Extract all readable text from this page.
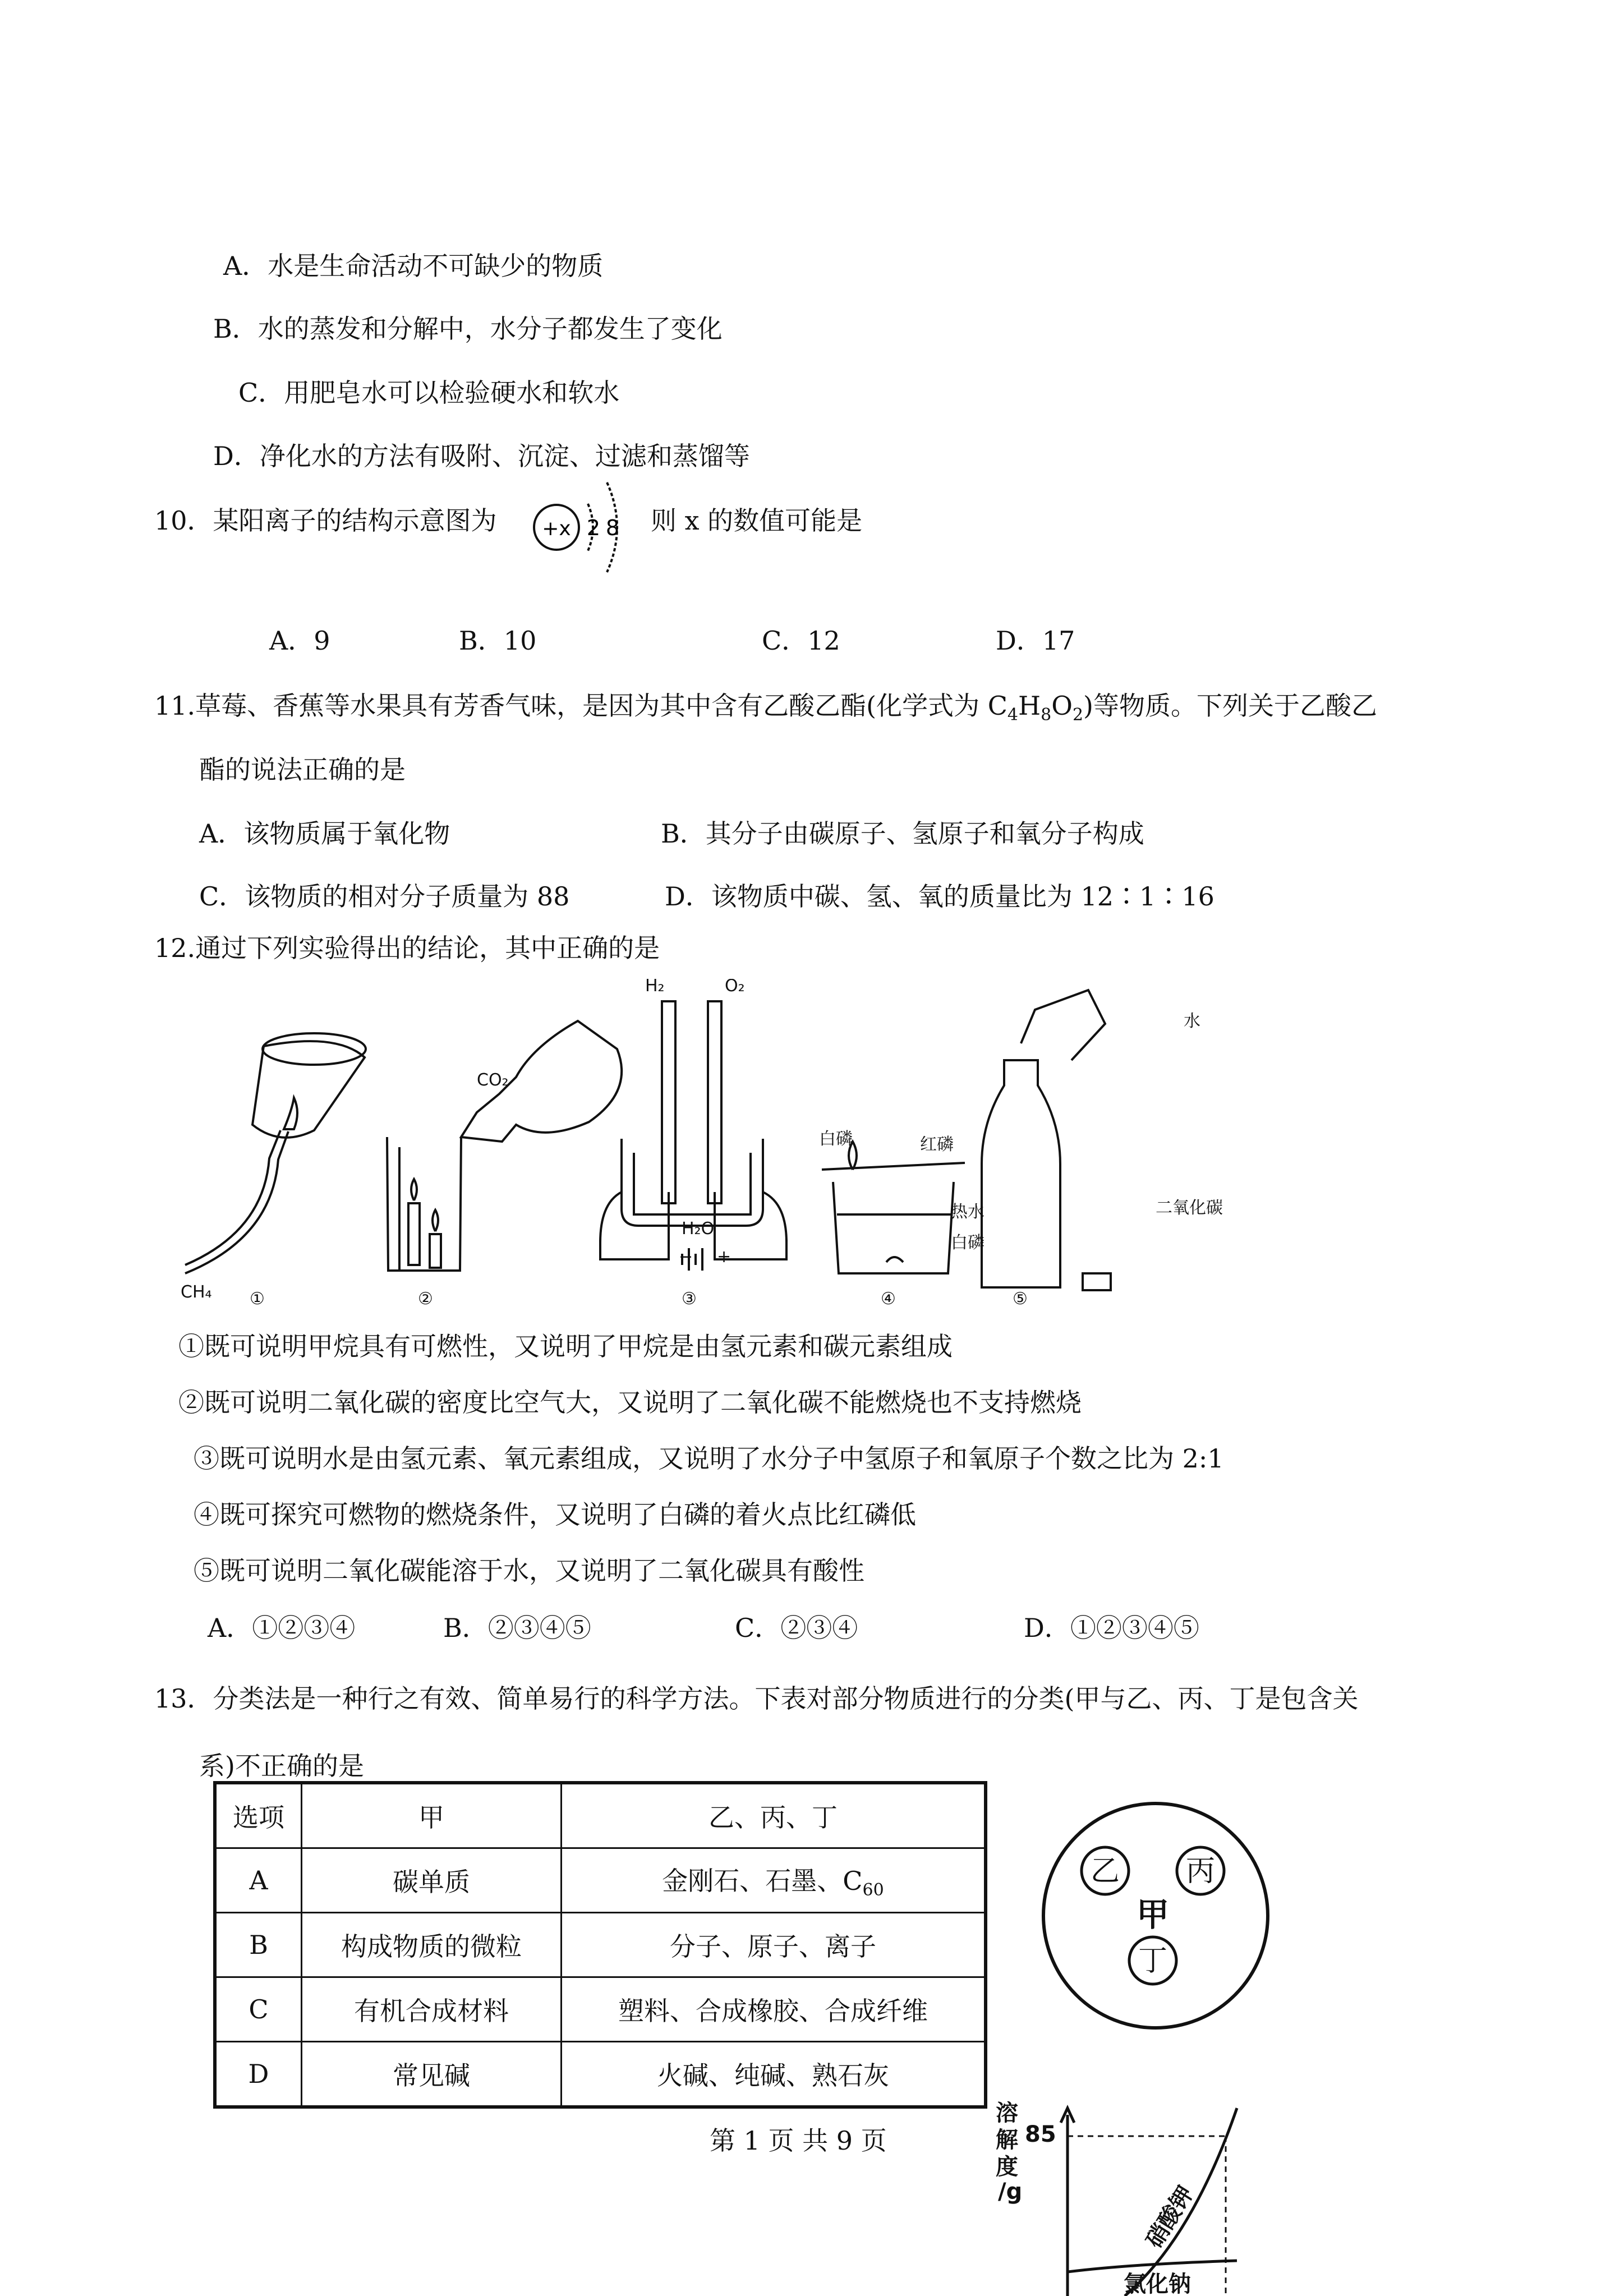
A．水是生命活动不可缺少的物质
B．水的蒸发和分解中，水分子都发生了变化
C．用肥皂水可以检验硬水和软水
D．净化水的方法有吸附、沉淀、过滤和蒸馏等
10．某阳离子的结构示意图为 +x 2 8 则 x 的数值可能是
A．9	B．10	C．12	D．17
11.草莓、香蕉等水果具有芳香气味，是因为其中含有乙酸乙酯(化学式为 $C_4H_8O_2$)等物质。下列关于乙酸乙
酯的说法正确的是
A．该物质属于氧化物	B．其分子由碳原子、氢原子和氧分子构成
C．该物质的相对分子质量为 88	D．该物质中碳、氢、氧的质量比为 12∶1∶16
12.通过下列实验得出的结论，其中正确的是
CH₄
CO₂
H₂	O₂
H₂O
− +
白磷	红磷
热水
白磷
水
二氧化碳
①	②	③	④	⑤
①既可说明甲烷具有可燃性，又说明了甲烷是由氢元素和碳元素组成
②既可说明二氧化碳的密度比空气大，又说明了二氧化碳不能燃烧也不支持燃烧
③既可说明水是由氢元素、氧元素组成，又说明了水分子中氢原子和氧原子个数之比为 2:1
④既可探究可燃物的燃烧条件，又说明了白磷的着火点比红磷低
⑤既可说明二氧化碳能溶于水，又说明了二氧化碳具有酸性
A．①②③④	B．②③④⑤	C．②③④	D．①②③④⑤
13．分类法是一种行之有效、简单易行的科学方法。下表对部分物质进行的分类(甲与乙、丙、丁是包含关
系)不正确的是
选项	甲	乙、丙、丁
A	碳单质	金刚石、石墨、$C_{60}$
B	构成物质的微粒	分子、原子、离子
C	有机合成材料	塑料、合成橡胶、合成纤维
D	常见碱	火碱、纯碱、熟石灰
乙 丙
甲
丁
溶
解
度
/g
85
硝酸钾
氯化钠
第 1 页 共 9 页
